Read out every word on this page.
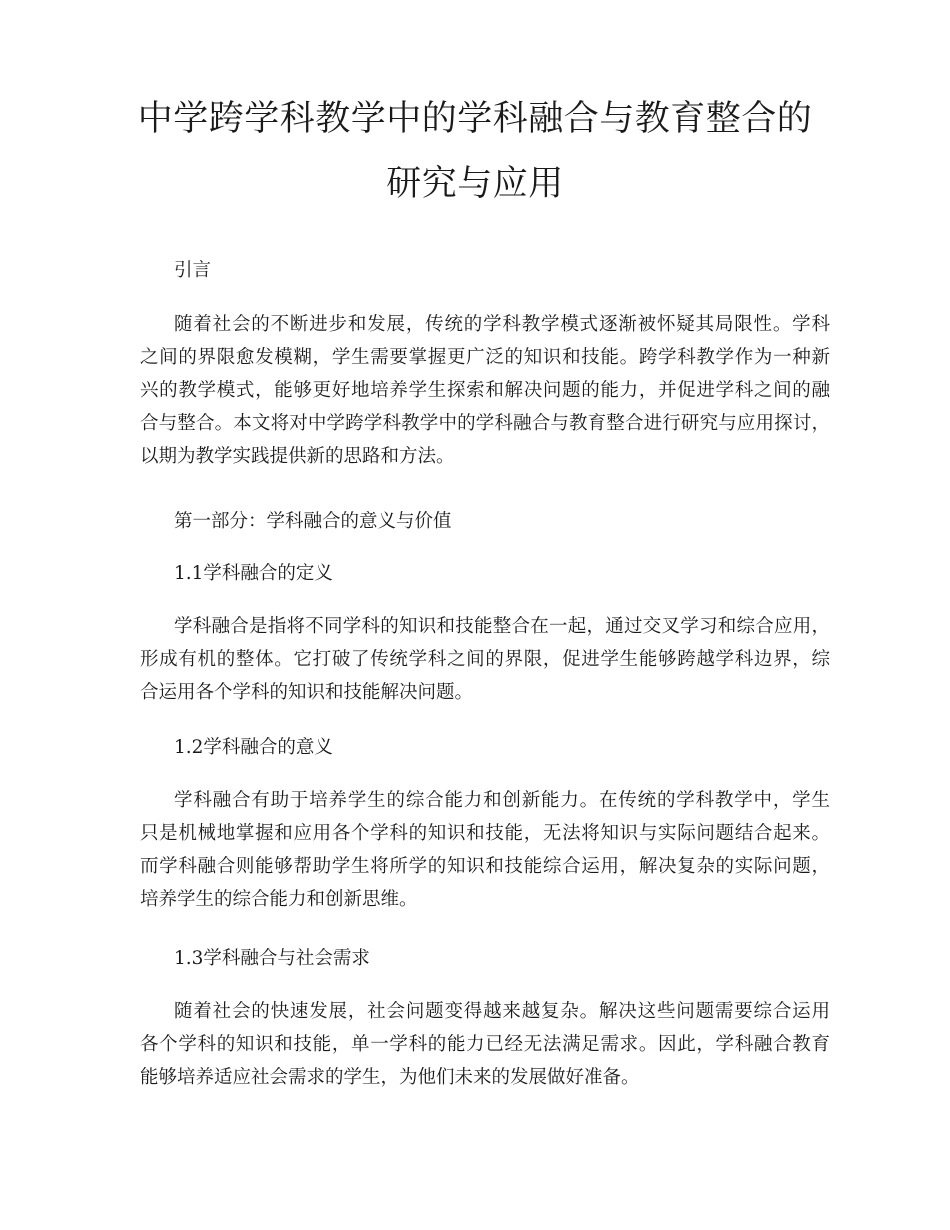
中学跨学科教学中的学科融合与教育整合的
研究与应用
引言
随着社会的不断进步和发展，传统的学科教学模式逐渐被怀疑其局限性。学科
之间的界限愈发模糊，学生需要掌握更广泛的知识和技能。跨学科教学作为一种新
兴的教学模式，能够更好地培养学生探索和解决问题的能力，并促进学科之间的融
合与整合。本文将对中学跨学科教学中的学科融合与教育整合进行研究与应用探讨，
以期为教学实践提供新的思路和方法。
第一部分：学科融合的意义与价值
1.1学科融合的定义
学科融合是指将不同学科的知识和技能整合在一起，通过交叉学习和综合应用，
形成有机的整体。它打破了传统学科之间的界限，促进学生能够跨越学科边界，综
合运用各个学科的知识和技能解决问题。
1.2学科融合的意义
学科融合有助于培养学生的综合能力和创新能力。在传统的学科教学中，学生
只是机械地掌握和应用各个学科的知识和技能，无法将知识与实际问题结合起来。
而学科融合则能够帮助学生将所学的知识和技能综合运用，解决复杂的实际问题，
培养学生的综合能力和创新思维。
1.3学科融合与社会需求
随着社会的快速发展，社会问题变得越来越复杂。解决这些问题需要综合运用
各个学科的知识和技能，单一学科的能力已经无法满足需求。因此，学科融合教育
能够培养适应社会需求的学生，为他们未来的发展做好准备。
